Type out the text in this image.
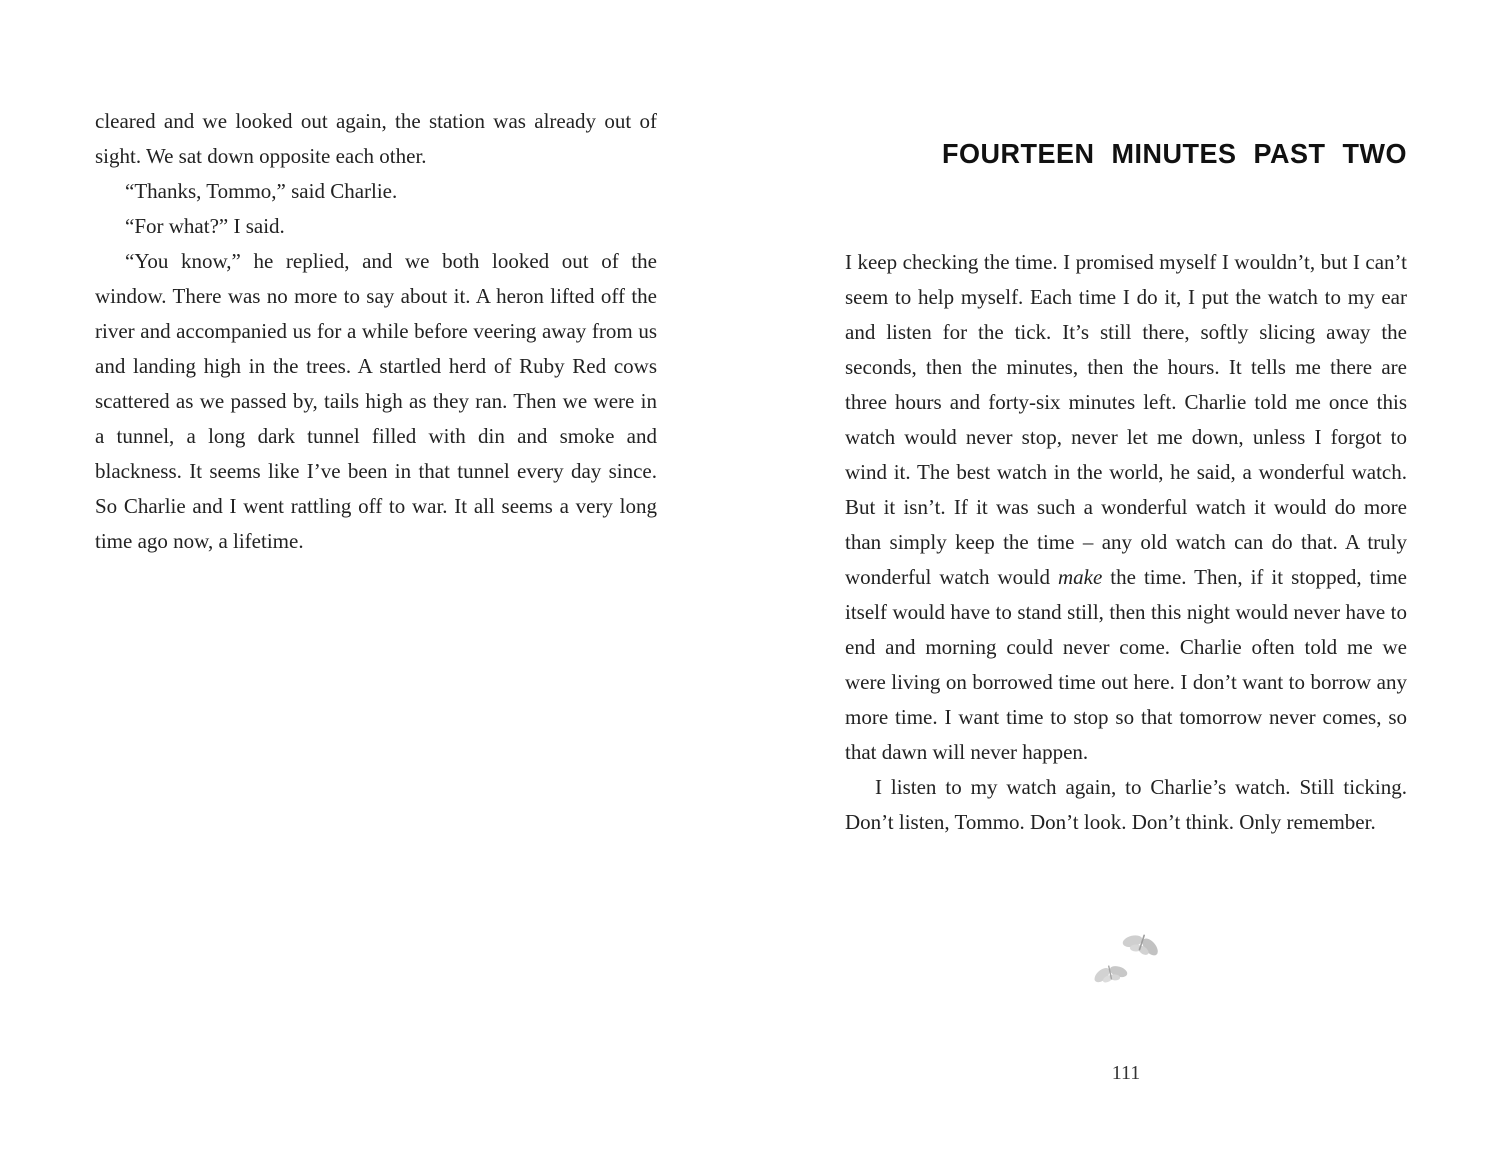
cleared and we looked out again, the station was already out of sight. We sat down opposite each other.

“Thanks, Tommo,” said Charlie.

“For what?” I said.

“You know,” he replied, and we both looked out of the window. There was no more to say about it. A heron lifted off the river and accompanied us for a while before veering away from us and landing high in the trees. A startled herd of Ruby Red cows scattered as we passed by, tails high as they ran. Then we were in a tunnel, a long dark tunnel filled with din and smoke and blackness. It seems like I’ve been in that tunnel every day since. So Charlie and I went rattling off to war. It all seems a very long time ago now, a lifetime.

FOURTEEN MINUTES PAST TWO

I keep checking the time. I promised myself I wouldn’t, but I can’t seem to help myself. Each time I do it, I put the watch to my ear and listen for the tick. It’s still there, softly slicing away the seconds, then the minutes, then the hours. It tells me there are three hours and forty-six minutes left. Charlie told me once this watch would never stop, never let me down, unless I forgot to wind it. The best watch in the world, he said, a wonderful watch. But it isn’t. If it was such a wonderful watch it would do more than simply keep the time – any old watch can do that. A truly wonderful watch would make the time. Then, if it stopped, time itself would have to stand still, then this night would never have to end and morning could never come. Charlie often told me we were living on borrowed time out here. I don’t want to borrow any more time. I want time to stop so that tomorrow never comes, so that dawn will never happen.

I listen to my watch again, to Charlie’s watch. Still ticking. Don’t listen, Tommo. Don’t look. Don’t think. Only remember.

111
